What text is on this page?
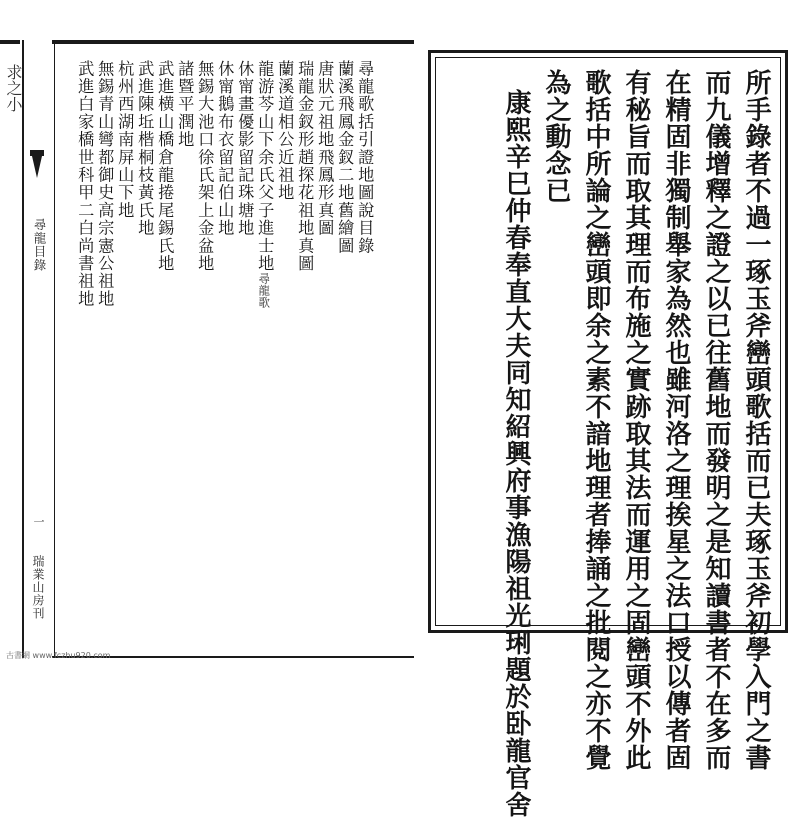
求之小
尋龍目錄
一
瑞業山房刊
尋龍歌括引證地圖說目錄
蘭溪飛鳳金釵二地舊繪圖
唐狀元祖地飛鳳形真圖
瑞龍金釵形趙探花祖地真圖
蘭溪道相公近祖地
龍游芩山下余氏父子進士地尋龍歌
休甯畫優影留記珠塘地
休甯鵝布衣留記伯山地
無錫大池口徐氏架上金盆地
諸暨平潤地
武進横山橋倉龍捲尾錫氏地
武進陳坵楷桐枝黃氏地
杭州西湖南屏山下地
無錫青山彎都御史高宗憲公祖地
武進白家橋世科甲二白尚書祖地	所手錄者不過一琢玉斧巒頭歌括而已夫琢玉斧初學入門之書
而九儀增釋之證之以已往舊地而發明之是知讀書者不在多而
在精固非獨制舉家為然也雖河洛之理挨星之法口授以傳者固
有秘旨而取其理而布施之實跡取其法而運用之固巒頭不外此
歌括中所論之巒頭即余之素不諳地理者捧誦之批閱之亦不覺
為之動念已
康熙辛巳仲春奉直大夫同知紹興府事漁陽祖光琍題於卧龍官舍
古書網 www.fczhu920.com
